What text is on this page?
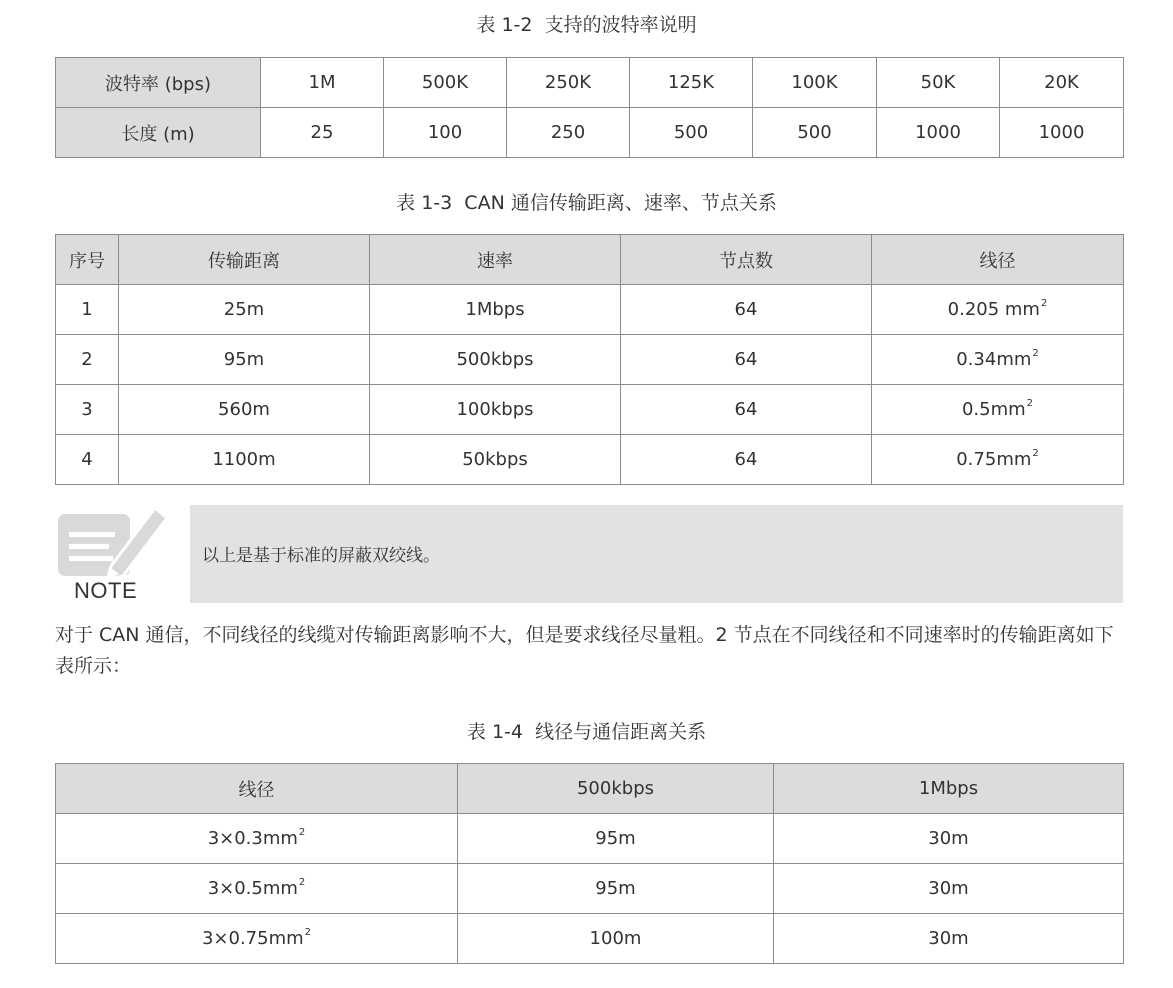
表 1-2  支持的波特率说明
波特率 (bps)	1M	500K	250K	125K	100K	50K	20K
长度 (m)	25	100	250	500	500	1000	1000
表 1-3  CAN 通信传输距离、速率、节点关系
序号	传输距离	速率	节点数	线径
1	25m	1Mbps	64	0.205 $mm^2$
2	95m	500kbps	64	$0.34mm^2$
3	560m	100kbps	64	$0.5mm^2$
4	1100m	50kbps	64	$0.75mm^2$
NOTE
以上是基于标准的屏蔽双绞线。
对于 CAN 通信，不同线径的线缆对传输距离影响不大，但是要求线径尽量粗。2 节点在不同线径和不同速率时的传输距离如下表所示：
表 1-4  线径与通信距离关系
线径	500kbps	1Mbps
$3\times 0.3mm^2$	95m	30m
$3\times 0.5mm^2$	95m	30m
$3\times 0.75mm^2$	100m	30m
